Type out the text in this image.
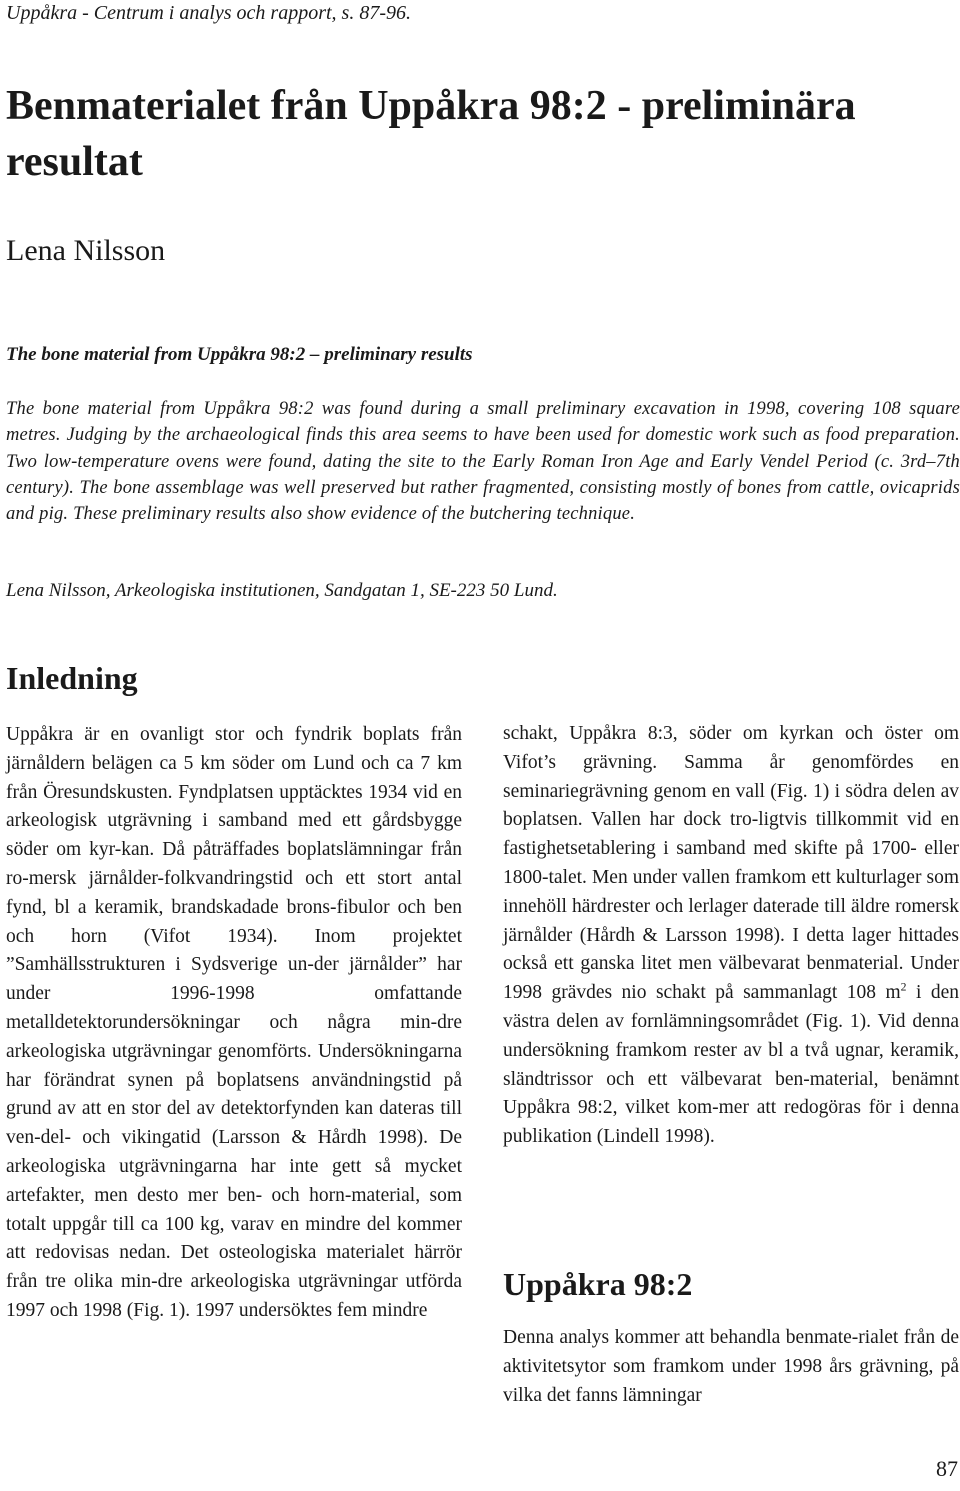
Uppåkra - Centrum i analys och rapport, s. 87-96.
Benmaterialet från Uppåkra 98:2 - preliminära resultat
Lena Nilsson
The bone material from Uppåkra 98:2 – preliminary results

The bone material from Uppåkra 98:2 was found during a small preliminary excavation in 1998, covering 108 square metres. Judging by the archaeological finds this area seems to have been used for domestic work such as food preparation. Two low-temperature ovens were found, dating the site to the Early Roman Iron Age and Early Vendel Period (c. 3rd–7th century). The bone assemblage was well preserved but rather fragmented, consisting mostly of bones from cattle, ovicaprids and pig. These preliminary results also show evidence of the butchering technique.

Lena Nilsson, Arkeologiska institutionen, Sandgatan 1, SE-223 50 Lund.
Inledning

Uppåkra är en ovanligt stor och fyndrik boplats från järnåldern belägen ca 5 km söder om Lund och ca 7 km från Öresundskusten. Fyndplatsen upptäcktes 1934 vid en arkeologisk utgrävning i samband med ett gårdsbygge söder om kyr-kan. Då påträffades boplatslämningar från ro-mersk järnålder-folkvandringstid och ett stort antal fynd, bl a keramik, brandskadade brons-fibulor och ben och horn (Vifot 1934). Inom projektet ”Samhällsstrukturen i Sydsverige un-der järnålder” har under 1996-1998 omfattande metalldetektorundersökningar och några min-dre arkeologiska utgrävningar genomförts. Undersökningarna har förändrat synen på boplatsens användningstid på grund av att en stor del av detektorfynden kan dateras till ven-del- och vikingatid (Larsson & Hårdh 1998). De arkeologiska utgrävningarna har inte gett så mycket artefakter, men desto mer ben- och horn-material, som totalt uppgår till ca 100 kg, varav en mindre del kommer att redovisas nedan. Det osteologiska materialet härrör från tre olika min-dre arkeologiska utgrävningar utförda 1997 och 1998 (Fig. 1). 1997 undersöktes fem mindre

schakt, Uppåkra 8:3, söder om kyrkan och öster om Vifot’s grävning. Samma år genomfördes en seminariegrävning genom en vall (Fig. 1) i södra delen av boplatsen. Vallen har dock tro-ligtvis tillkommit vid en fastighetsetablering i samband med skifte på 1700- eller 1800-talet. Men under vallen framkom ett kulturlager som innehöll härdrester och lerlager daterade till äldre romersk järnålder (Hårdh & Larsson 1998). I detta lager hittades också ett ganska litet men välbevarat benmaterial. Under 1998 grävdes nio schakt på sammanlagt 108 $m^2$ i den västra delen av fornlämningsområdet (Fig. 1). Vid denna undersökning framkom rester av bl a två ugnar, keramik, sländtrissor och ett välbevarat ben-material, benämnt Uppåkra 98:2, vilket kom-mer att redogöras för i denna publikation (Lindell 1998).

Uppåkra 98:2

Denna analys kommer att behandla benmate-rialet från de aktivitetsytor som framkom under 1998 års grävning, på vilka det fanns lämningar

87
